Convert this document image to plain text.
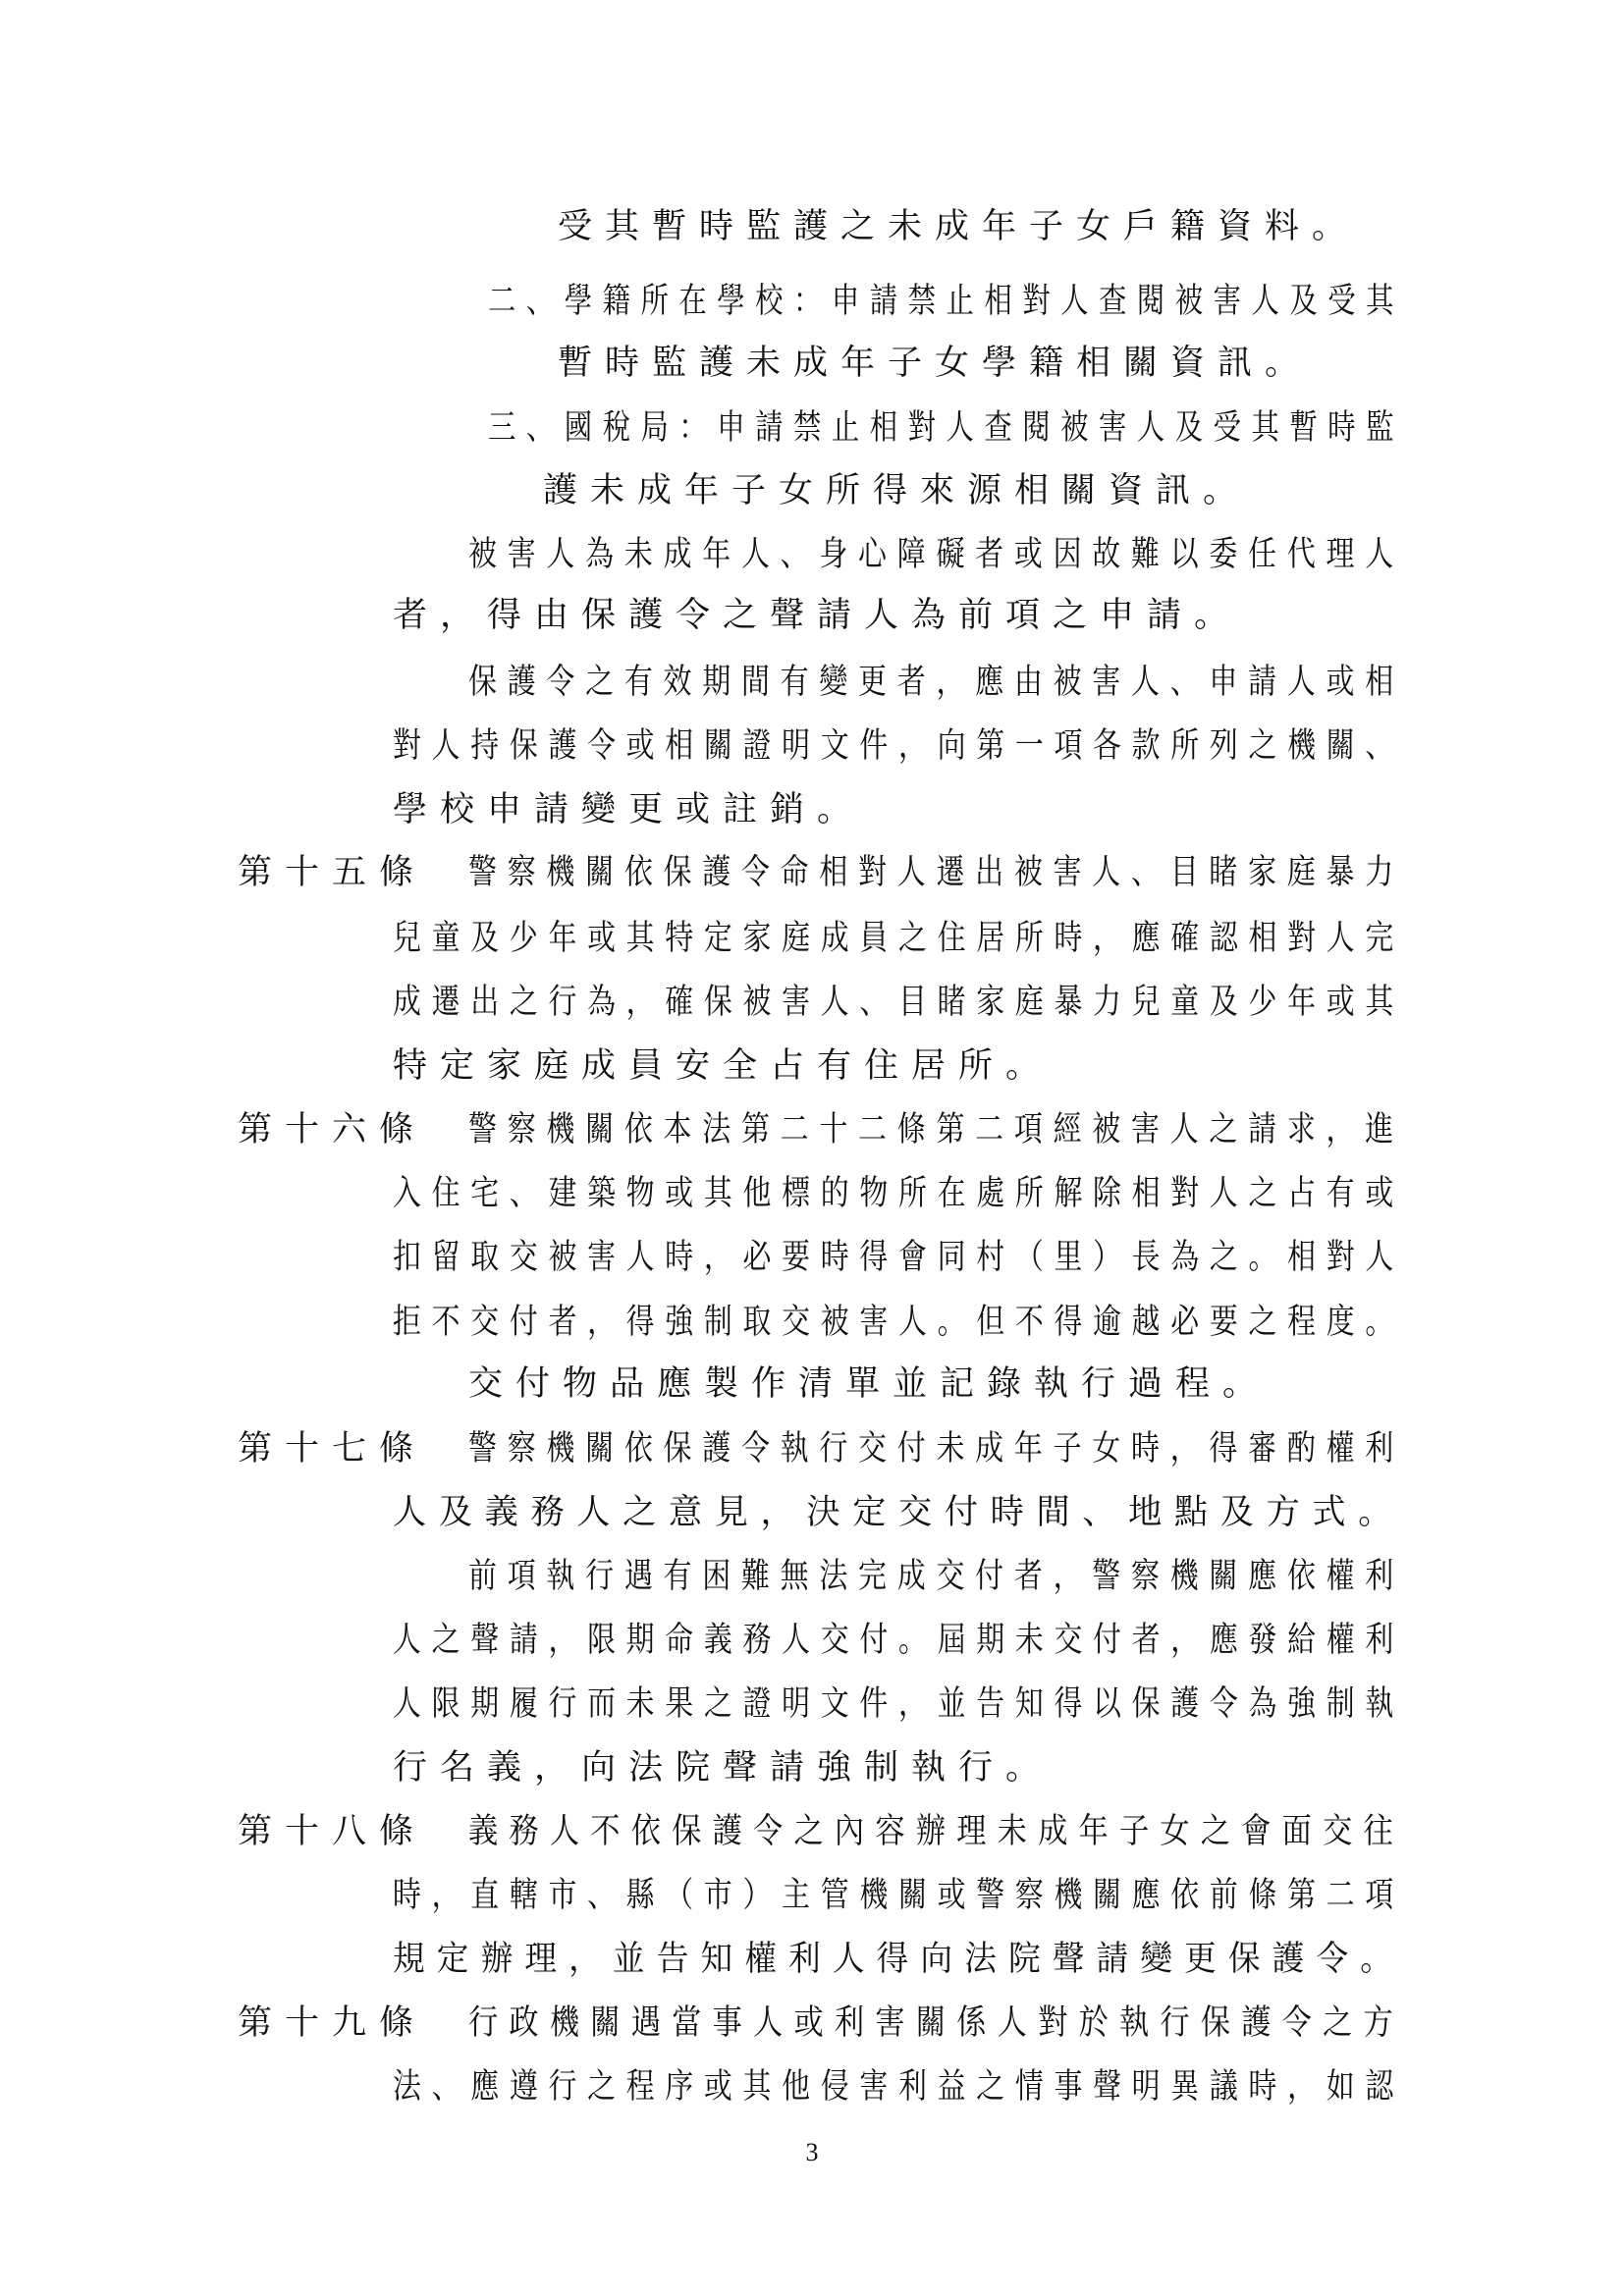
受其暫時監護之未成年子女戶籍資料。
二、學籍所在學校：申請禁止相對人查閱被害人及受其
暫時監護未成年子女學籍相關資訊。
三、國稅局：申請禁止相對人查閱被害人及受其暫時監
護未成年子女所得來源相關資訊。
被害人為未成年人、身心障礙者或因故難以委任代理人
者，得由保護令之聲請人為前項之申請。
保護令之有效期間有變更者，應由被害人、申請人或相
對人持保護令或相關證明文件，向第一項各款所列之機關、
學校申請變更或註銷。
第十五條 警察機關依保護令命相對人遷出被害人、目睹家庭暴力
兒童及少年或其特定家庭成員之住居所時，應確認相對人完
成遷出之行為，確保被害人、目睹家庭暴力兒童及少年或其
特定家庭成員安全占有住居所。
第十六條 警察機關依本法第二十二條第二項經被害人之請求，進
入住宅、建築物或其他標的物所在處所解除相對人之占有或
扣留取交被害人時，必要時得會同村（里）長為之。相對人
拒不交付者，得強制取交被害人。但不得逾越必要之程度。
交付物品應製作清單並記錄執行過程。
第十七條 警察機關依保護令執行交付未成年子女時，得審酌權利
人及義務人之意見，決定交付時間、地點及方式。
前項執行遇有困難無法完成交付者，警察機關應依權利
人之聲請，限期命義務人交付。屆期未交付者，應發給權利
人限期履行而未果之證明文件，並告知得以保護令為強制執
行名義，向法院聲請強制執行。
第十八條 義務人不依保護令之內容辦理未成年子女之會面交往
時，直轄市、縣（市）主管機關或警察機關應依前條第二項
規定辦理，並告知權利人得向法院聲請變更保護令。
第十九條 行政機關遇當事人或利害關係人對於執行保護令之方
法、應遵行之程序或其他侵害利益之情事聲明異議時，如認
3
